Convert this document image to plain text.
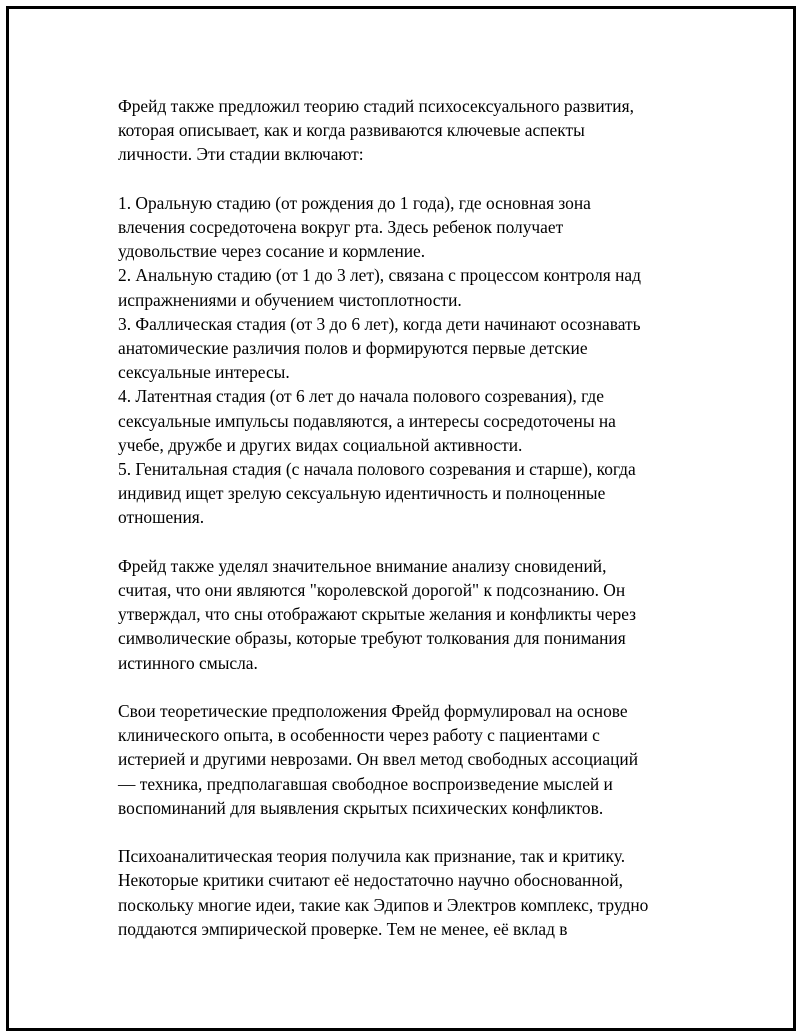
Фрейд также предложил теорию стадий психосексуального развития,

которая описывает, как и когда развиваются ключевые аспекты

личности. Эти стадии включают:

1. Оральную стадию (от рождения до 1 года), где основная зона

влечения сосредоточена вокруг рта. Здесь ребенок получает

удовольствие через сосание и кормление.

2. Анальную стадию (от 1 до 3 лет), связана с процессом контроля над

испражнениями и обучением чистоплотности.

3. Фаллическая стадия (от 3 до 6 лет), когда дети начинают осознавать

анатомические различия полов и формируются первые детские

сексуальные интересы.

4. Латентная стадия (от 6 лет до начала полового созревания), где

сексуальные импульсы подавляются, а интересы сосредоточены на

учебе, дружбе и других видах социальной активности.

5. Генитальная стадия (с начала полового созревания и старше), когда

индивид ищет зрелую сексуальную идентичность и полноценные

отношения.

Фрейд также уделял значительное внимание анализу сновидений,

считая, что они являются "королевской дорогой" к подсознанию. Он

утверждал, что сны отображают скрытые желания и конфликты через

символические образы, которые требуют толкования для понимания

истинного смысла.

Свои теоретические предположения Фрейд формулировал на основе

клинического опыта, в особенности через работу с пациентами с

истерией и другими неврозами. Он ввел метод свободных ассоциаций

— техника, предполагавшая свободное воспроизведение мыслей и

воспоминаний для выявления скрытых психических конфликтов.

Психоаналитическая теория получила как признание, так и критику.

Некоторые критики считают её недостаточно научно обоснованной,

поскольку многие идеи, такие как Эдипов и Электров комплекс, трудно

поддаются эмпирической проверке. Тем не менее, её вклад в
